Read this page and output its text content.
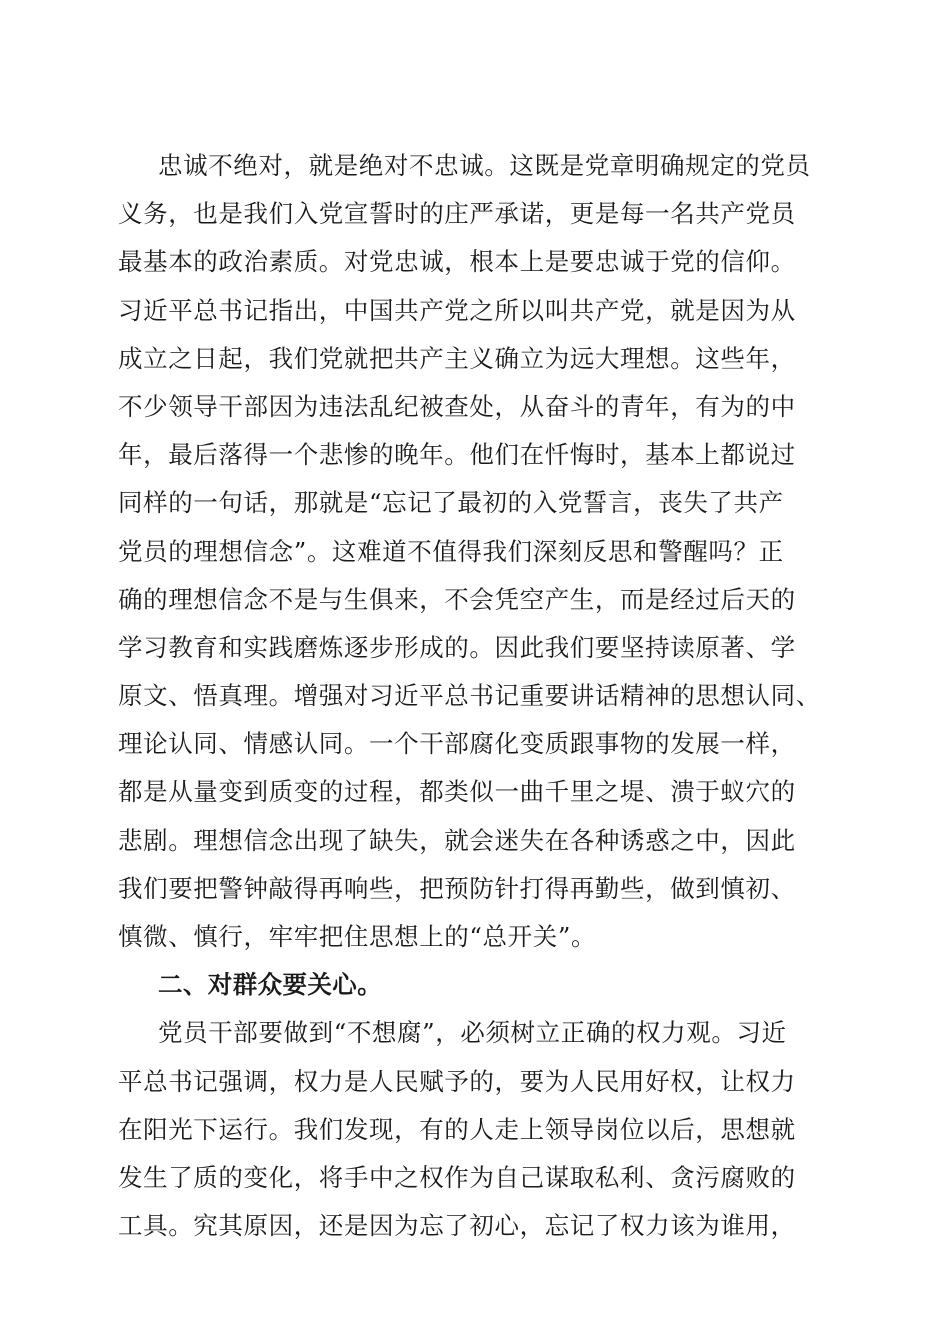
忠诚不绝对，就是绝对不忠诚。这既是党章明确规定的党员
义务，也是我们入党宣誓时的庄严承诺，更是每一名共产党员
最基本的政治素质。对党忠诚，根本上是要忠诚于党的信仰。
习近平总书记指出，中国共产党之所以叫共产党，就是因为从
成立之日起，我们党就把共产主义确立为远大理想。这些年，
不少领导干部因为违法乱纪被查处，从奋斗的青年，有为的中
年，最后落得一个悲惨的晚年。他们在忏悔时，基本上都说过
同样的一句话，那就是“忘记了最初的入党誓言，丧失了共产
党员的理想信念”。这难道不值得我们深刻反思和警醒吗？正
确的理想信念不是与生俱来，不会凭空产生，而是经过后天的
学习教育和实践磨炼逐步形成的。因此我们要坚持读原著、学
原文、悟真理。增强对习近平总书记重要讲话精神的思想认同、
理论认同、情感认同。一个干部腐化变质跟事物的发展一样，
都是从量变到质变的过程，都类似一曲千里之堤、溃于蚁穴的
悲剧。理想信念出现了缺失，就会迷失在各种诱惑之中，因此
我们要把警钟敲得再响些，把预防针打得再勤些，做到慎初、
慎微、慎行，牢牢把住思想上的“总开关”。
二、对群众要关心。
党员干部要做到“不想腐”，必须树立正确的权力观。习近
平总书记强调，权力是人民赋予的，要为人民用好权，让权力
在阳光下运行。我们发现，有的人走上领导岗位以后，思想就
发生了质的变化，将手中之权作为自己谋取私利、贪污腐败的
工具。究其原因，还是因为忘了初心，忘记了权力该为谁用，
